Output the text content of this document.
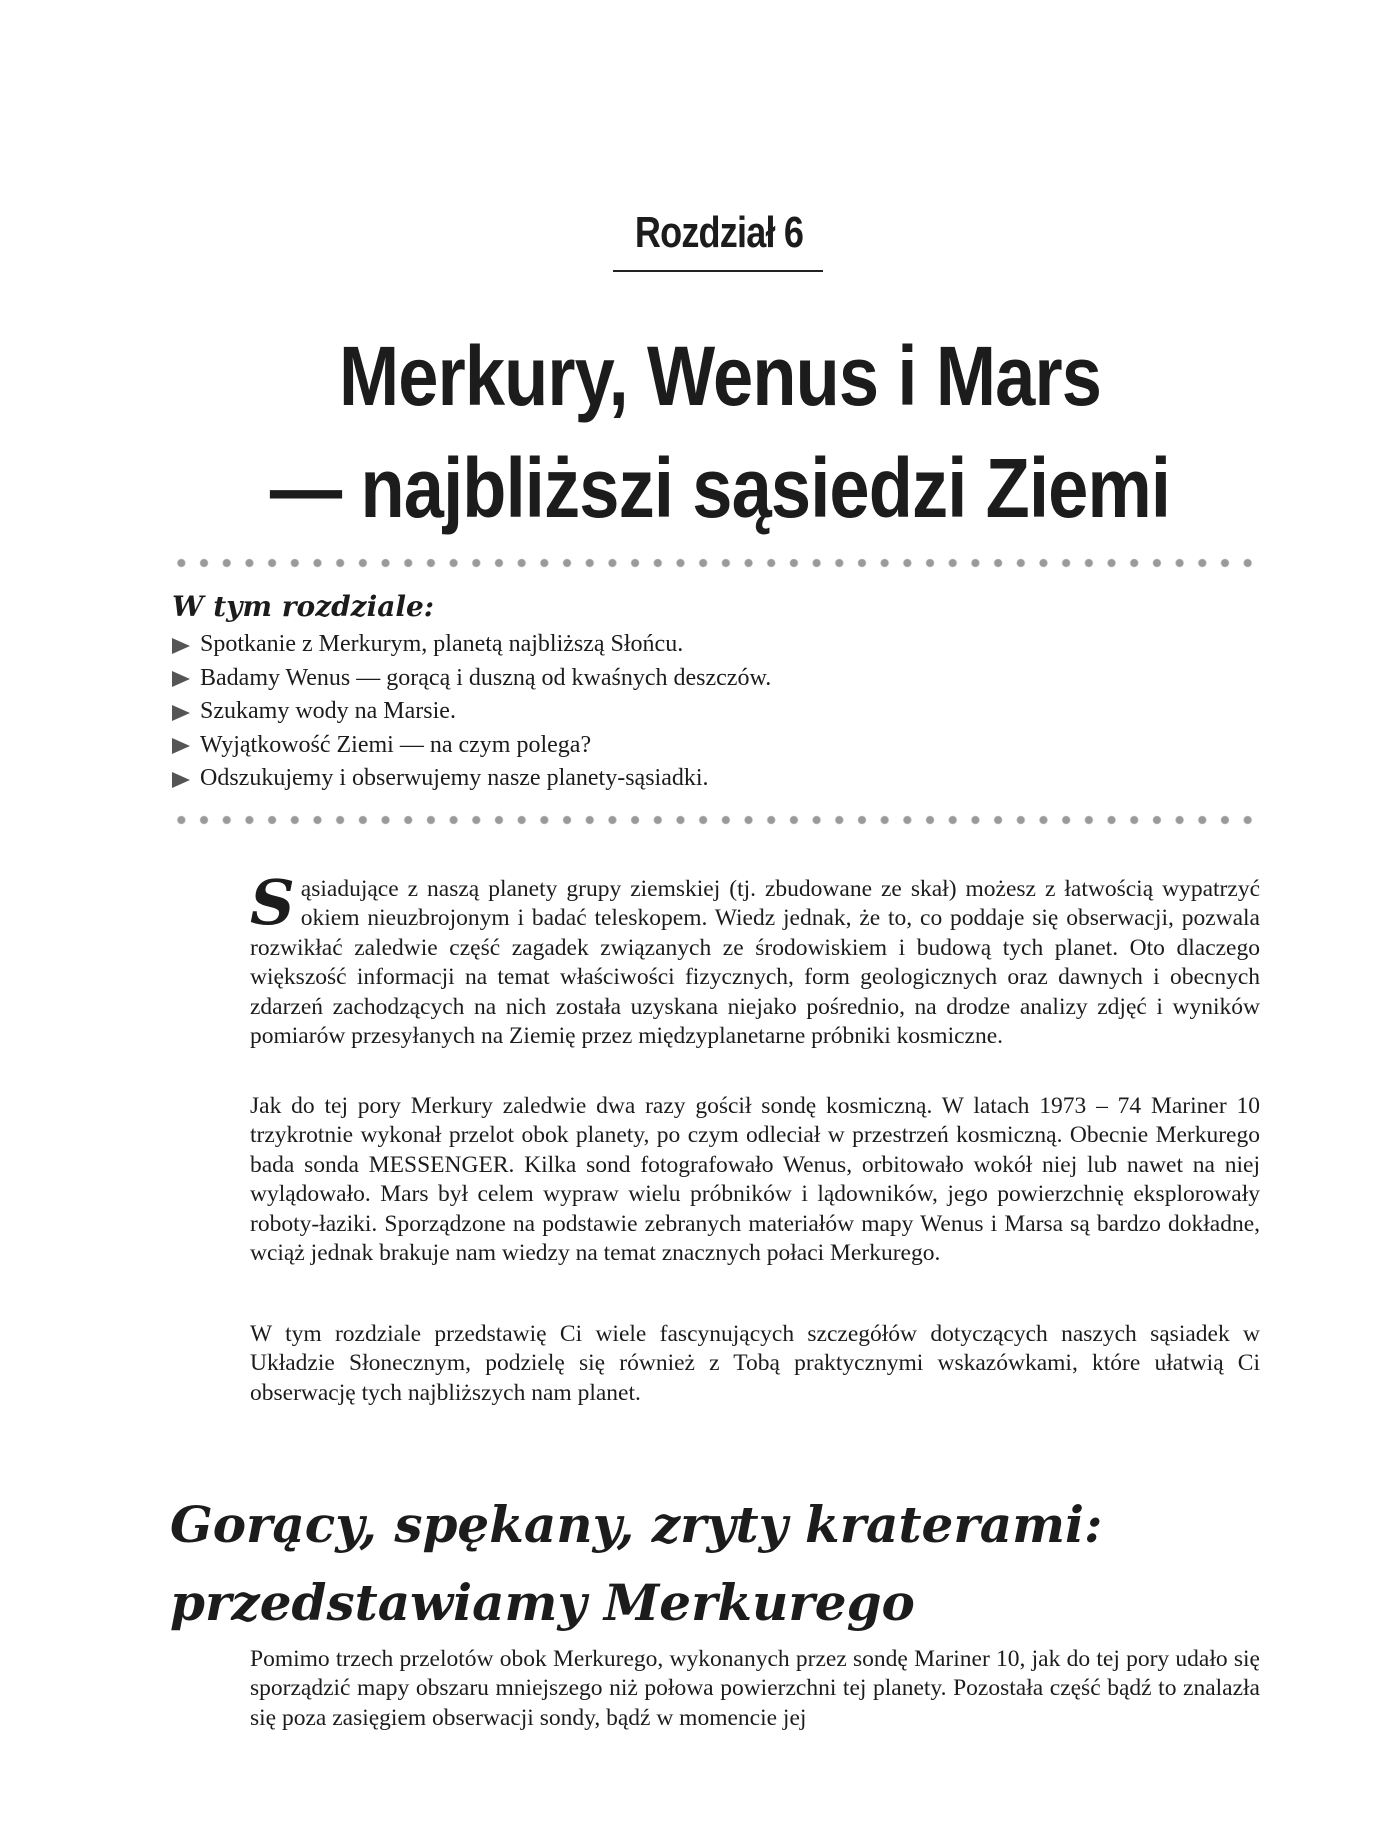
Rozdział 6
Merkury, Wenus i Mars
— najbliższi sąsiedzi Ziemi
W tym rozdziale:
Spotkanie z Merkurym, planetą najbliższą Słońcu.
Badamy Wenus — gorącą i duszną od kwaśnych deszczów.
Szukamy wody na Marsie.
Wyjątkowość Ziemi — na czym polega?
Odszukujemy i obserwujemy nasze planety-sąsiadki.

Sąsiadujące z naszą planety grupy ziemskiej (tj. zbudowane ze skał) możesz z łatwością wypatrzyć okiem nieuzbrojonym i badać teleskopem. Wiedz jednak, że to, co poddaje się obserwacji, pozwala rozwikłać zaledwie część zagadek związanych ze środowiskiem i budową tych planet. Oto dlaczego większość informacji na temat właściwości fizycznych, form geologicznych oraz dawnych i obecnych zdarzeń zachodzących na nich została uzyskana niejako pośrednio, na drodze analizy zdjęć i wyników pomiarów przesyłanych na Ziemię przez międzyplanetarne próbniki kosmiczne.

Jak do tej pory Merkury zaledwie dwa razy gościł sondę kosmiczną. W latach 1973 – 74 Mariner 10 trzykrotnie wykonał przelot obok planety, po czym odleciał w przestrzeń kosmiczną. Obecnie Merkurego bada sonda MESSENGER. Kilka sond fotografowało Wenus, orbitowało wokół niej lub nawet na niej wylądowało. Mars był celem wypraw wielu próbników i lądowników, jego powierzchnię eksplorowały roboty-łaziki. Sporządzone na podstawie zebranych materiałów mapy Wenus i Marsa są bardzo dokładne, wciąż jednak brakuje nam wiedzy na temat znacznych połaci Merkurego.

W tym rozdziale przedstawię Ci wiele fascynujących szczegółów dotyczących naszych sąsiadek w Układzie Słonecznym, podzielę się również z Tobą praktycznymi wskazówkami, które ułatwią Ci obserwację tych najbliższych nam planet.

Gorący, spękany, zryty kraterami: przedstawiamy Merkurego

Pomimo trzech przelotów obok Merkurego, wykonanych przez sondę Mariner 10, jak do tej pory udało się sporządzić mapy obszaru mniejszego niż połowa powierzchni tej planety. Pozostała część bądź to znalazła się poza zasięgiem obserwacji sondy, bądź w momencie jej
